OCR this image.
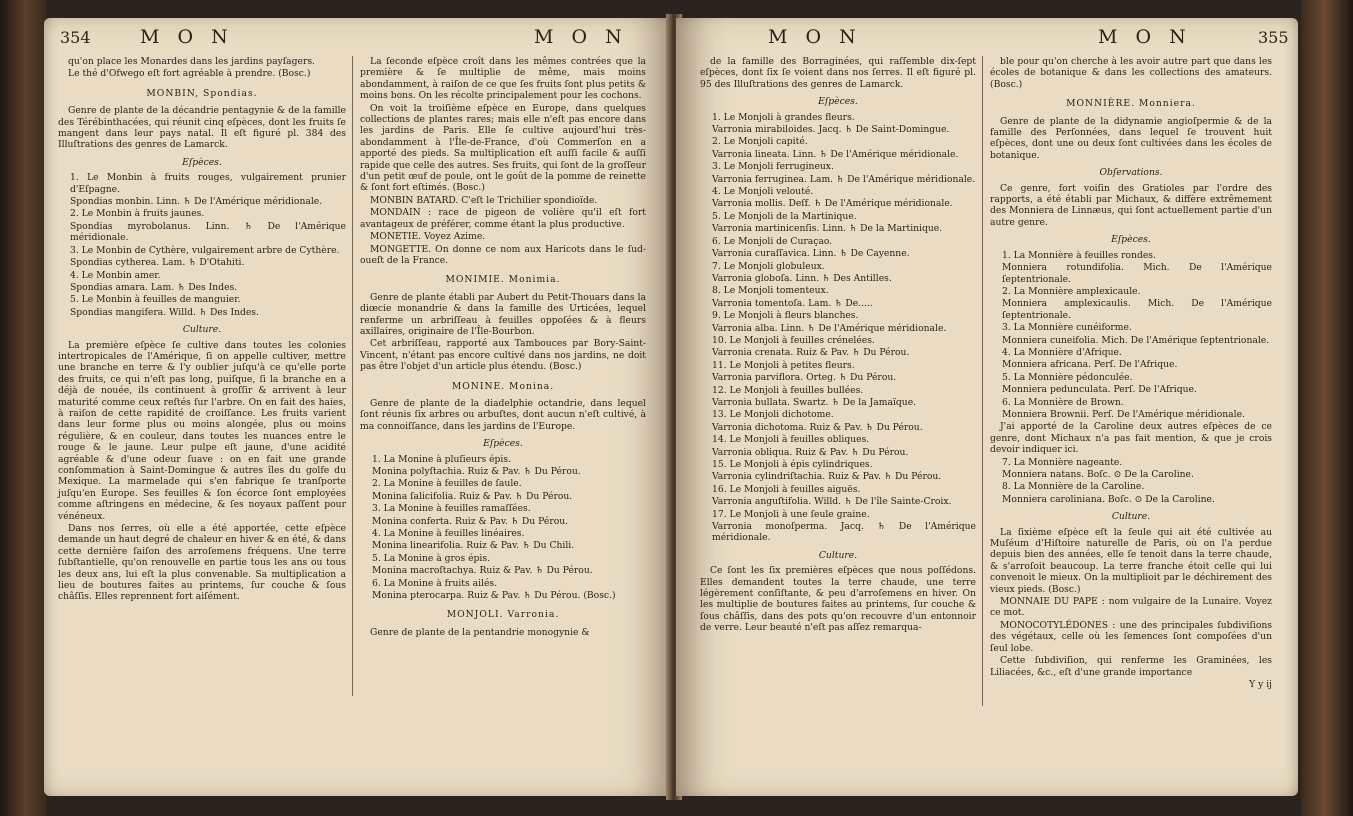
354	M O N	M O N

qu'on place les Monardes dans les jardins payſagers.

Le thé d'Ofwego eſt fort agréable à prendre. (Bosc.)

MONBIN, Spondias.

Genre de plante de la décandrie pentagynie & de la famille des Térébinthacées, qui réunit cinq eſpèces, dont les fruits ſe mangent dans leur pays natal. Il eſt figuré pl. 384 des Illuſtrations des genres de Lamarck.

Eſpèces.

1. Le Monbin à fruits rouges, vulgairement prunier d'Eſpagne.

Spondias monbin. Linn. ♄ De l'Amérique méridionale.

2. Le Monbin à fruits jaunes.

Spondias myrobolanus. Linn. ♄ De l'Amérique méridionale.

3. Le Monbin de Cythère, vulgairement arbre de Cythère.

Spondias cytherea. Lam. ♄ D'Otahiti.

4. Le Monbin amer.

Spondias amara. Lam. ♄ Des Indes.

5. Le Monbin à feuilles de manguier.

Spondias mangifera. Willd. ♄ Des Indes.

Culture.

La première eſpèce ſe cultive dans toutes les colonies intertropicales de l'Amérique, ſi on appelle cultiver, mettre une branche en terre & l'y oublier juſqu'à ce qu'elle porte des fruits, ce qui n'eſt pas long, puiſque, ſi la branche en a déjà de nouée, ils continuent à groſſir & arrivent à leur maturité comme ceux reſtés ſur l'arbre. On en fait des haies, à raiſon de cette rapidité de croiſſance. Les fruits varient dans leur forme plus ou moins alongée, plus ou moins régulière, & en couleur, dans toutes les nuances entre le rouge & le jaune. Leur pulpe eſt jaune, d'une acidité agréable & d'une odeur ſuave : on en fait une grande conſommation à Saint-Domingue & autres îles du golfe du Mexique. La marmelade qui s'en fabrique ſe tranſporte juſqu'en Europe. Ses feuilles & ſon écorce ſont employées comme aſtringens en médecine, & ſes noyaux paſſent pour vénéneux.

Dans nos ſerres, où elle a été apportée, cette eſpèce demande un haut degré de chaleur en hiver & en été, & dans cette dernière ſaiſon des arroſemens fréquens. Une terre ſubſtantielle, qu'on renouvelle en partie tous les ans ou tous les deux ans, lui eſt la plus convenable. Sa multiplication a lieu de boutures faites au printems, ſur couche & ſous châſſis. Elles reprennent fort aiſément.

La ſeconde eſpèce croît dans les mêmes contrées que la première & ſe multiplie de même, mais moins abondamment, à raiſon de ce que ſes fruits ſont plus petits & moins bons. On les récolte principalement pour les cochons.

On voit la troiſième eſpèce en Europe, dans quelques collections de plantes rares; mais elle n'eſt pas encore dans les jardins de Paris. Elle ſe cultive aujourd'hui très-abondamment à l'Île-de-France, d'où Commerſon en a apporté des pieds. Sa multiplication eſt auſſi facile & auſſi rapide que celle des autres. Ses fruits, qui ſont de la groſſeur d'un petit œuf de poule, ont le goût de la pomme de reinette & ſont fort eſtimés. (Bosc.)

MONBIN BATARD. C'eſt le Trichilier spondioïde.

MONDAIN : race de pigeon de volière qu'il eſt fort avantageux de préférer, comme étant la plus productive.

MONETIE. Voyez Azime.

MONGETTE. On donne ce nom aux Haricots dans le ſud-oueſt de la France.

MONIMIE. Monimia.

Genre de plante établi par Aubert du Petit-Thouars dans la diœcie monandrie & dans la famille des Urticées, lequel renferme un arbriſſeau à feuilles oppoſées & à fleurs axillaires, originaire de l'Île-Bourbon.

Cet arbriſſeau, rapporté aux Tambouces par Bory-Saint-Vincent, n'étant pas encore cultivé dans nos jardins, ne doit pas être l'objet d'un article plus étendu. (Bosc.)

MONINE. Monina.

Genre de plante de la diadelphie octandrie, dans lequel ſont réunis ſix arbres ou arbuſtes, dont aucun n'eſt cultivé, à ma connoiſſance, dans les jardins de l'Europe.

Eſpèces.

1. La Monine à pluſieurs épis.

Monina polyſtachia. Ruiz & Pav. ♄ Du Pérou.

2. La Monine à feuilles de ſaule.

Monina ſalicifolia. Ruiz & Pav. ♄ Du Pérou.

3. La Monine à feuilles ramaſſées.

Monina conferta. Ruiz & Pav. ♄ Du Pérou.

4. La Monine à feuilles linéaires.

Monina linearifolia. Ruiz & Pav. ♄ Du Chili.

5. La Monine à gros épis.

Monina macroſtachya. Ruiz & Pav. ♄ Du Pérou.

6. La Monine à fruits ailés.

Monina pterocarpa. Ruiz & Pav. ♄ Du Pérou. (Bosc.)

MONJOLI. Varronia.

Genre de plante de la pentandrie monogynie &

M O N	M O N	355

de la famille des Borraginées, qui raſſemble dix-ſept eſpèces, dont ſix ſe voient dans nos ſerres. Il eſt figuré pl. 95 des Illuſtrations des genres de Lamarck.

Eſpèces.

1. Le Monjoli à grandes fleurs.

Varronia mirabiloides. Jacq. ♄ De Saint-Domingue.

2. Le Monjoli capité.

Varronia lineata. Linn. ♄ De l'Amérique méridionale.

3. Le Monjoli ferrugineux.

Varronia ferruginea. Lam. ♄ De l'Amérique méridionale.

4. Le Monjoli velouté.

Varronia mollis. Deſf. ♄ De l'Amérique méridionale.

5. Le Monjoli de la Martinique.

Varronia martinicenſis. Linn. ♄ De la Martinique.

6. Le Monjoli de Curaçao.

Varronia curaſſavica. Linn. ♄ De Cayenne.

7. Le Monjoli globuleux.

Varronia globoſa. Linn. ♄ Des Antilles.

8. Le Monjoli tomenteux.

Varronia tomentoſa. Lam. ♄ De.....

9. Le Monjoli à fleurs blanches.

Varronia alba. Linn. ♄ De l'Amérique méridionale.

10. Le Monjoli à feuilles crénelées.

Varronia crenata. Ruiz & Pav. ♄ Du Pérou.

11. Le Monjoli à petites fleurs.

Varronia parviflora. Orteg. ♄ Du Pérou.

12. Le Monjoli à feuilles bullées.

Varronia bullata. Swartz. ♄ De la Jamaïque.

13. Le Monjoli dichotome.

Varronia dichotoma. Ruiz & Pav. ♄ Du Pérou.

14. Le Monjoli à feuilles obliques.

Varronia obliqua. Ruiz & Pav. ♄ Du Pérou.

15. Le Monjoli à épis cylindriques.

Varronia cylindriſtachia. Ruiz & Pav. ♄ Du Pérou.

16. Le Monjoli à feuilles aiguës.

Varronia anguſtifolia. Willd. ♄ De l'île Sainte-Croix.

17. Le Monjoli à une ſeule graine.

Varronia monoſperma. Jacq. ♄ De l'Amérique méridionale.

Culture.

Ce ſont les ſix premières eſpèces que nous poſſédons. Elles demandent toutes la terre chaude, une terre légèrement conſiſtante, & peu d'arroſemens en hiver. On les multiplie de boutures faites au printems, ſur couche & ſous châſſis, dans des pots qu'on recouvre d'un entonnoir de verre. Leur beauté n'eſt pas aſſez remarqua-

ble pour qu'on cherche à les avoir autre part que dans les écoles de botanique & dans les collections des amateurs. (Bosc.)

MONNIÈRE. Monniera.

Genre de plante de la didynamie angioſpermie & de la famille des Perſonnées, dans lequel ſe trouvent huit eſpèces, dont une ou deux ſont cultivées dans les écoles de botanique.

Obſervations.

Ce genre, fort voiſin des Gratioles par l'ordre des rapports, a été établi par Michaux, & diffère extrêmement des Monniera de Linnæus, qui ſont actuellement partie d'un autre genre.

Eſpèces.

1. La Monnière à feuilles rondes.

Monniera rotundifolia. Mich. De l'Amérique ſeptentrionale.

2. La Monnière amplexicaule.

Monniera amplexicaulis. Mich. De l'Amérique ſeptentrionale.

3. La Monnière cunéiforme.

Monniera cuneifolia. Mich. De l'Amérique ſeptentrionale.

4. La Monnière d'Afrique.

Monniera africana. Perſ. De l'Afrique.

5. La Monnière pédonculée.

Monniera pedunculata. Perſ. De l'Afrique.

6. La Monnière de Brown.

Monniera Brownii. Perſ. De l'Amérique méridionale.

J'ai apporté de la Caroline deux autres eſpèces de ce genre, dont Michaux n'a pas fait mention, & que je crois devoir indiquer ici.

7. La Monnière nageante.

Monniera natans. Boſc. ⊙ De la Caroline.

8. La Monnière de la Caroline.

Monniera caroliniana. Boſc. ⊙ De la Caroline.

Culture.

La ſixième eſpèce eſt la ſeule qui ait été cultivée au Muſéum d'Hiſtoire naturelle de Paris, où on l'a perdue depuis bien des années, elle ſe tenoit dans la terre chaude, & s'arroſoit beaucoup. La terre franche étoit celle qui lui convenoit le mieux. On la multiplioit par le déchirement des vieux pieds. (Bosc.)

MONNAIE DU PAPE : nom vulgaire de la Lunaire. Voyez ce mot.

MONOCOTYLÉDONES : une des principales ſubdiviſions des végétaux, celle où les ſemences ſont compoſées d'un ſeul lobe.

Cette ſubdiviſion, qui renferme les Graminées, les Liliacées, &c., eſt d'une grande importance

Y y ij
